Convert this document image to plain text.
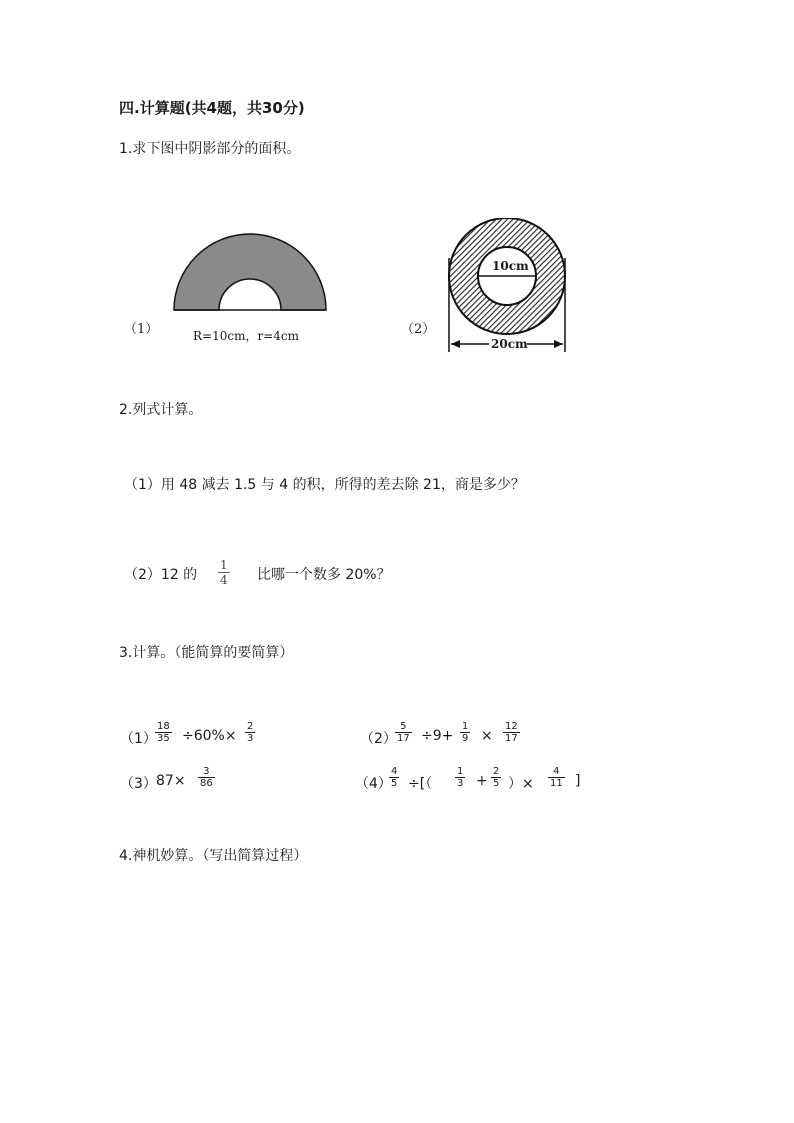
四.计算题(共4题，共30分)
1.求下图中阴影部分的面积。
（1）	R=10cm，r=4cm	（2）
10cm
20cm
2.列式计算。
（1）用 48 减去 1.5 与 4 的积，所得的差去除 21，商是多少？
（2）12 的 $\frac{1}{4}$ 比哪一个数多 20%？
3.计算。（能简算的要简算）
（1）
$\frac{18}{35} \div 60\%\times \frac{2}{3}$	（2）
$\frac{5}{17} \div 9+ \frac{1}{9} \times \frac{12}{17}$
（3） $87\times \frac{3}{86}$	（4）
$\frac{4}{5}$ ÷[（ $\frac{1}{3} + \frac{2}{5}$ ）× $\frac{4}{11}$ ]
4.神机妙算。（写出简算过程）
